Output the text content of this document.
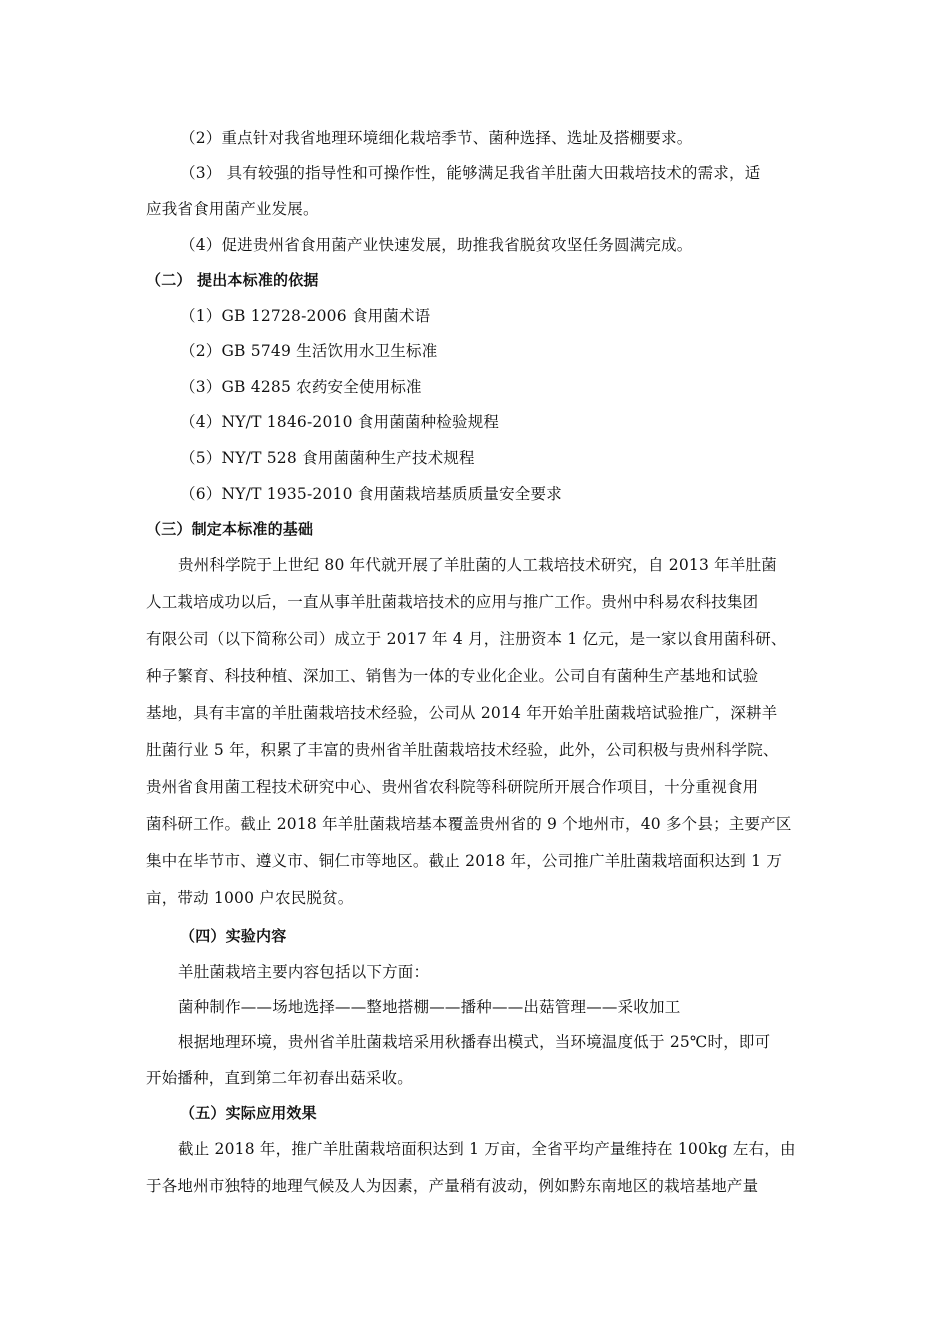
（2）重点针对我省地理环境细化栽培季节、菌种选择、选址及搭棚要求。
（3） 具有较强的指导性和可操作性，能够满足我省羊肚菌大田栽培技术的需求，适
应我省食用菌产业发展。
（4）促进贵州省食用菌产业快速发展，助推我省脱贫攻坚任务圆满完成。
（二） 提出本标准的依据
（1）GB 12728-2006 食用菌术语
（2）GB 5749 生活饮用水卫生标准
（3）GB 4285 农药安全使用标准
（4）NY/T 1846-2010 食用菌菌种检验规程
（5）NY/T 528 食用菌菌种生产技术规程
（6）NY/T 1935-2010 食用菌栽培基质质量安全要求
（三）制定本标准的基础
贵州科学院于上世纪 80 年代就开展了羊肚菌的人工栽培技术研究，自 2013 年羊肚菌
人工栽培成功以后，一直从事羊肚菌栽培技术的应用与推广工作。贵州中科易农科技集团
有限公司（以下简称公司）成立于 2017 年 4 月，注册资本 1 亿元，是一家以食用菌科研、
种子繁育、科技种植、深加工、销售为一体的专业化企业。公司自有菌种生产基地和试验
基地，具有丰富的羊肚菌栽培技术经验，公司从 2014 年开始羊肚菌栽培试验推广，深耕羊
肚菌行业 5 年，积累了丰富的贵州省羊肚菌栽培技术经验，此外，公司积极与贵州科学院、
贵州省食用菌工程技术研究中心、贵州省农科院等科研院所开展合作项目，十分重视食用
菌科研工作。截止 2018 年羊肚菌栽培基本覆盖贵州省的 9 个地州市，40 多个县；主要产区
集中在毕节市、遵义市、铜仁市等地区。截止 2018 年，公司推广羊肚菌栽培面积达到 1 万
亩，带动 1000 户农民脱贫。
（四）实验内容
羊肚菌栽培主要内容包括以下方面：
菌种制作——场地选择——整地搭棚——播种——出菇管理——采收加工
根据地理环境，贵州省羊肚菌栽培采用秋播春出模式，当环境温度低于 25℃时，即可
开始播种，直到第二年初春出菇采收。
（五）实际应用效果
截止 2018 年，推广羊肚菌栽培面积达到 1 万亩，全省平均产量维持在 100kg 左右，由
于各地州市独特的地理气候及人为因素，产量稍有波动，例如黔东南地区的栽培基地产量
